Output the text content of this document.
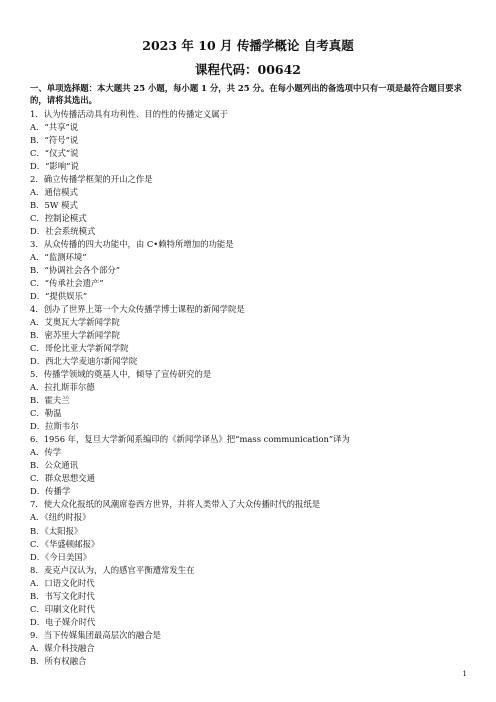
2023 年 10 月 传播学概论 自考真题
课程代码：00642
一、单项选择题：本大题共 25 小题，每小题 1 分，共 25 分。在每小题列出的备选项中只有一项是最符合题目要求的，请将其选出。
1．认为传播活动具有功利性、目的性的传播定义属于
A．“共享”说
B．“符号”说
C．“仪式”说
D．“影响”说
2．确立传播学框架的开山之作是
A．通信模式
B．5W 模式
C．控制论模式
D．社会系统模式
3．从众传播的四大功能中，由 C•赖特所增加的功能是
A．“监测环境”
B．“协调社会各个部分”
C．“传承社会遗产”
D．“提供娱乐”
4．创办了世界上第一个大众传播学博士课程的新闻学院是
A．艾奥瓦大学新闻学院
B．密苏里大学新闻学院
C．哥伦比亚大学新闻学院
D．西北大学麦迪尔新闻学院
5．传播学领域的奠基人中，倾导了宣传研究的是
A．拉扎斯菲尔德
B．霍夫兰
C．勒温
D．拉斯韦尔
6．1956 年，复旦大学新闻系编印的《新闻学译丛》把“mass communication”译为
A．传学
B．公众通讯
C．群众思想交通
D．传播学
7．使大众化报纸的风潮席卷西方世界，并将人类带入了大众传播时代的报纸是
A．《纽约时报》
B．《太阳报》
C．《华盛顿邮报》
D．《今日美国》
8．麦克卢汉认为，人的感官平衡遭常发生在
A．口语文化时代
B．书写文化时代
C．印刷文化时代
D．电子媒介时代
9．当下传媒集团最高层次的融合是
A．媒介科技融合
B．所有权融合
1
